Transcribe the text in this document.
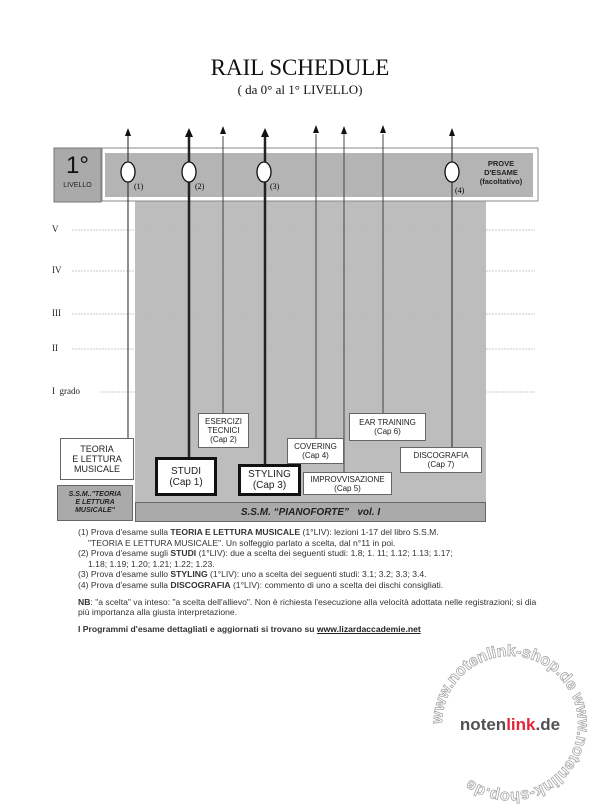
RAIL SCHEDULE
( da 0° al 1° LIVELLO)
1°
LIVELLO
PROVE
D'ESAME
(facoltativo)
(1)	(2)	(3)	(4)
V
IV
III
II
I  grado
TEORIA
E LETTURA
MUSICALE
ESERCIZI
TECNICI
(Cap 2)
STUDI
(Cap 1)
STYLING
(Cap 3)
COVERING
(Cap 4)
IMPROVVISAZIONE
(Cap 5)
EAR TRAINING
(Cap 6)
DISCOGRAFIA
(Cap 7)
S.S.M.."TEORIA
E LETTURA
MUSICALE"	S.S.M. “PIANOFORTE”   vol. I

(1) Prova d'esame sulla TEORIA E LETTURA MUSICALE (1°LIV): lezioni 1-17 del libro S.S.M.

"TEORIA E LETTURA MUSICALE". Un solfeggio parlato a scelta, dal n°11 in poi.

(2) Prova d'esame sugli STUDI (1°LIV): due a scelta dei seguenti studi: 1.8; 1. 11; 1.12; 1.13; 1.17;

1.18; 1.19; 1.20; 1.21; 1.22; 1.23.

(3) Prova d'esame sullo STYLING (1°LIV): uno a scelta dei seguenti studi: 3.1; 3.2; 3.3; 3.4.

(4) Prova d'esame sulla DISCOGRAFIA (1°LIV): commento di uno a scelta dei dischi consigliati.

NB: "a scelta" va inteso: "a scelta dell'allievo". Non è richiesta l'esecuzione alla velocità adottata nelle registrazioni; si dia più importanza alla giusta interpretazione.

I Programmi d'esame dettagliati e aggiornati si trovano su www.lizardaccademie.net

www.notenlink-shop.de www.notenlink-shop.de
notenlink.de
